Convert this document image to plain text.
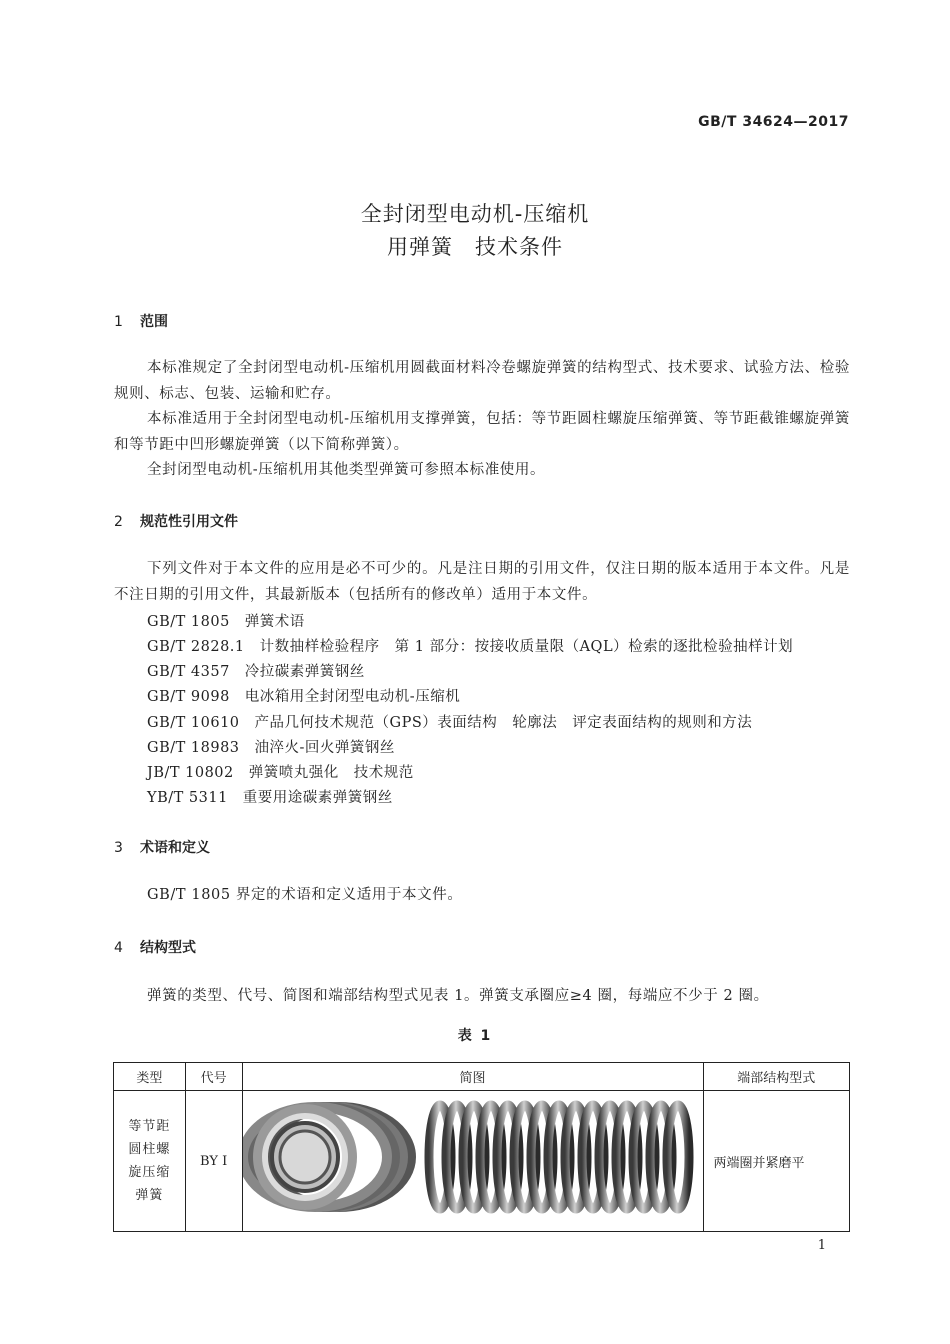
GB/T 34624—2017
全封闭型电动机-压缩机
用弹簧　技术条件
1 范围
本标准规定了全封闭型电动机-压缩机用圆截面材料冷卷螺旋弹簧的结构型式、技术要求、试验方法、检验规则、标志、包装、运输和贮存。
本标准适用于全封闭型电动机-压缩机用支撑弹簧，包括：等节距圆柱螺旋压缩弹簧、等节距截锥螺旋弹簧和等节距中凹形螺旋弹簧（以下简称弹簧）。
全封闭型电动机-压缩机用其他类型弹簧可参照本标准使用。
2 规范性引用文件
下列文件对于本文件的应用是必不可少的。凡是注日期的引用文件，仅注日期的版本适用于本文件。凡是不注日期的引用文件，其最新版本（包括所有的修改单）适用于本文件。
GB/T 1805　弹簧术语
GB/T 2828.1　计数抽样检验程序　第 1 部分：按接收质量限（AQL）检索的逐批检验抽样计划
GB/T 4357　冷拉碳素弹簧钢丝
GB/T 9098　电冰箱用全封闭型电动机-压缩机
GB/T 10610　产品几何技术规范（GPS）表面结构　轮廓法　评定表面结构的规则和方法
GB/T 18983　油淬火-回火弹簧钢丝
JB/T 10802　弹簧喷丸强化　技术规范
YB/T 5311　重要用途碳素弹簧钢丝
3 术语和定义
GB/T 1805 界定的术语和定义适用于本文件。
4 结构型式
弹簧的类型、代号、简图和端部结构型式见表 1。弹簧支承圈应≥4 圈，每端应不少于 2 圈。
表 1
类型	代号	简图	端部结构型式

等节距
圆柱螺
旋压缩
弹簧	BY I		两端圈并紧磨平
1
